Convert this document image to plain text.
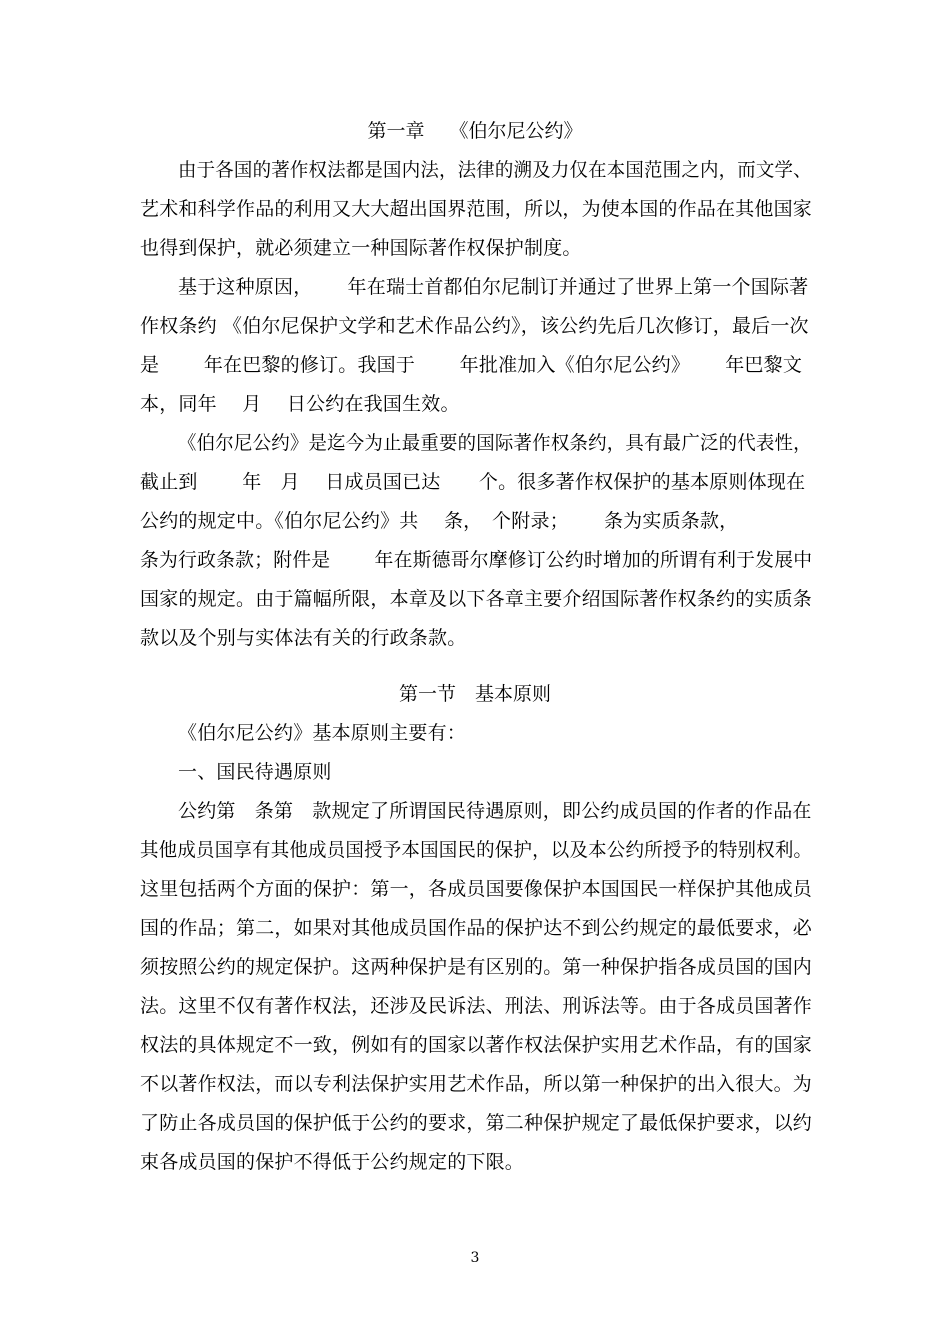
第一章　 《伯尔尼公约》
由于各国的著作权法都是国内法，法律的溯及力仅在本国范围之内，而文学、
艺术和科学作品的利用又大大超出国界范围，所以，为使本国的作品在其他国家
也得到保护，就必须建立一种国际著作权保护制度。
基于这种原因，　　 年在瑞士首都伯尔尼制订并通过了世界上第一个国际著
作权条约 《伯尔尼保护文学和艺术作品公约》，该公约先后几次修订，最后一次
是　　 年在巴黎的修订。我国于　　 年批准加入《伯尔尼公约》　　 年巴黎文
本，同年　 月　 日公约在我国生效。
《伯尔尼公约》是迄今为止最重要的国际著作权条约，具有最广泛的代表性，
截止到　　 年　月　 日成员国已达　　个。很多著作权保护的基本原则体现在
公约的规定中。《伯尔尼公约》共　 条，　个附录；　　 条为实质条款，
条为行政条款；附件是　　 年在斯德哥尔摩修订公约时增加的所谓有利于发展中
国家的规定。由于篇幅所限，本章及以下各章主要介绍国际著作权条约的实质条
款以及个别与实体法有关的行政条款。
第一节　基本原则
《伯尔尼公约》基本原则主要有：
一、国民待遇原则
公约第　条第　款规定了所谓国民待遇原则，即公约成员国的作者的作品在
其他成员国享有其他成员国授予本国国民的保护，以及本公约所授予的特别权利。
这里包括两个方面的保护：第一，各成员国要像保护本国国民一样保护其他成员
国的作品；第二，如果对其他成员国作品的保护达不到公约规定的最低要求，必
须按照公约的规定保护。这两种保护是有区别的。第一种保护指各成员国的国内
法。这里不仅有著作权法，还涉及民诉法、刑法、刑诉法等。由于各成员国著作
权法的具体规定不一致，例如有的国家以著作权法保护实用艺术作品，有的国家
不以著作权法，而以专利法保护实用艺术作品，所以第一种保护的出入很大。为
了防止各成员国的保护低于公约的要求，第二种保护规定了最低保护要求，以约
束各成员国的保护不得低于公约规定的下限。
3
